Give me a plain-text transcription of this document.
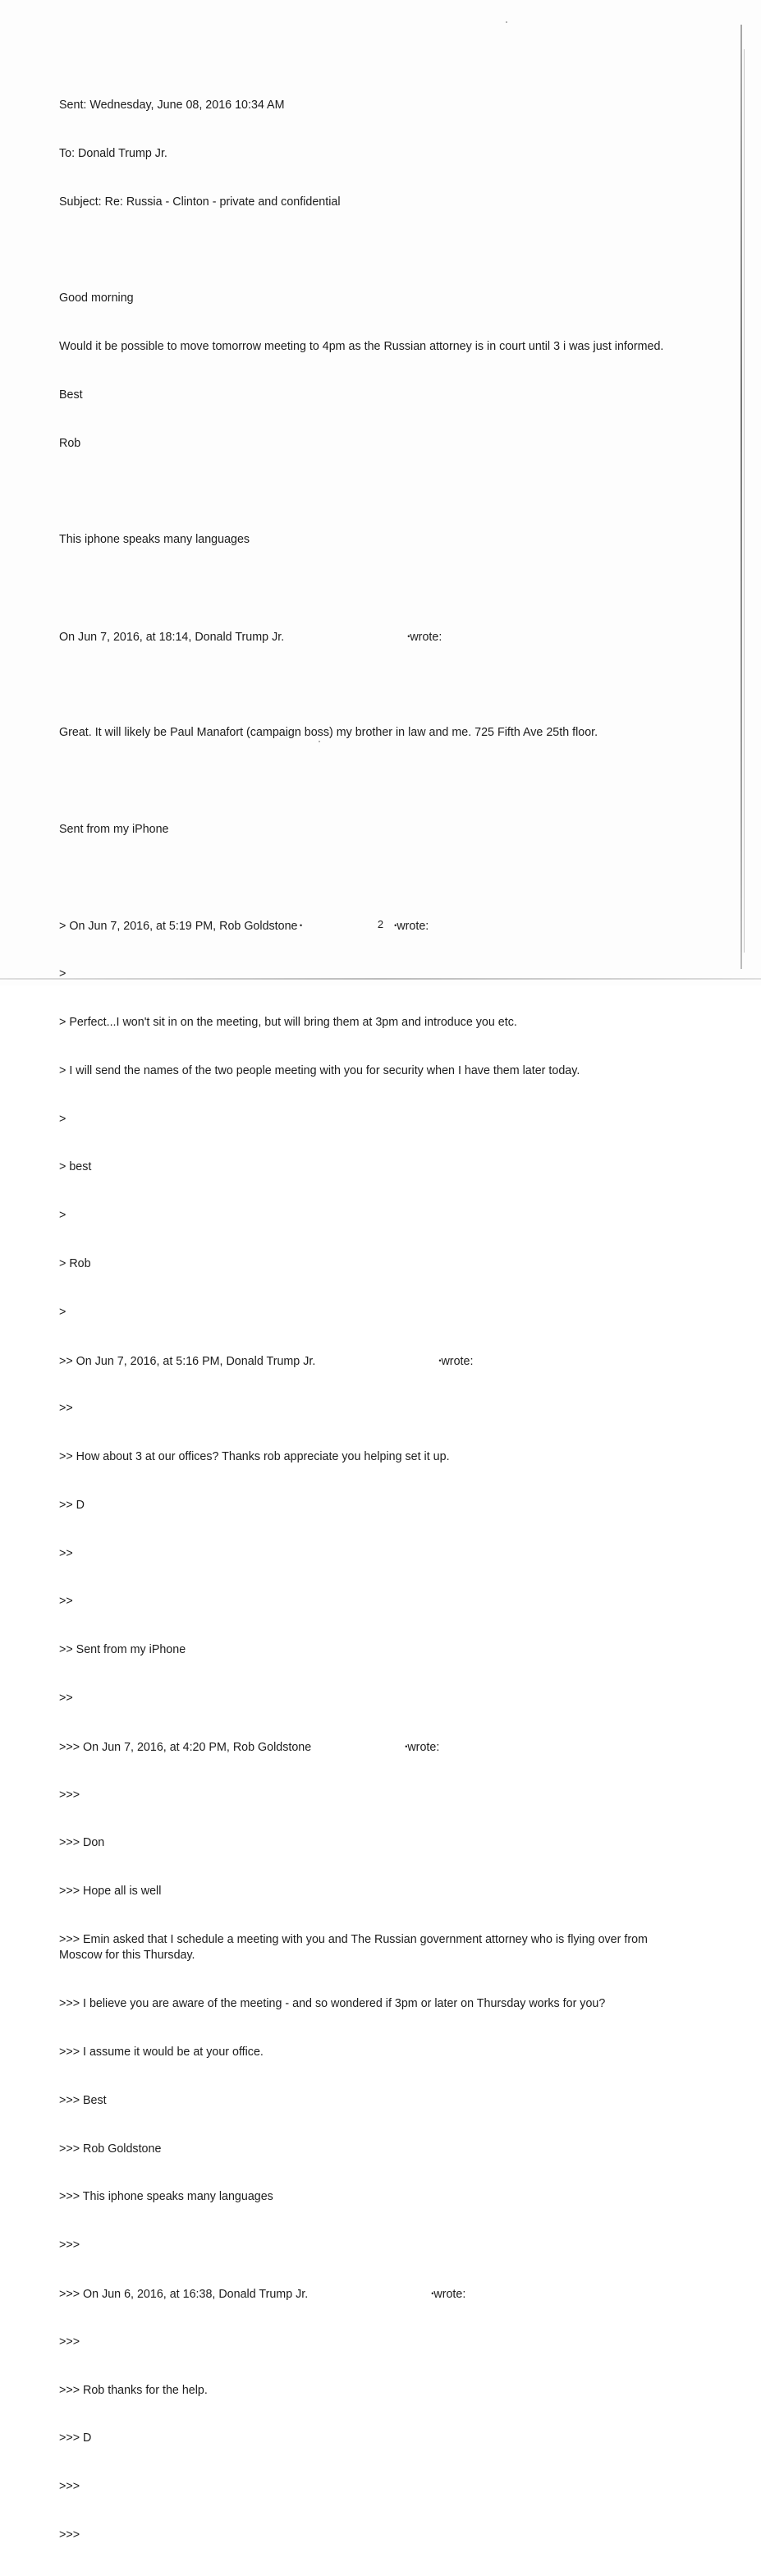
Sent: Wednesday, June 08, 2016 10:34 AM

To: Donald Trump Jr.

Subject: Re: Russia - Clinton - private and confidential

Good morning

Would it be possible to move tomorrow meeting to 4pm as the Russian attorney is in court until 3 i was just informed.

Best

Rob

This iphone speaks many languages

On Jun 7, 2016, at 18:14, Donald Trump Jr.	•wrote:

Great. It will likely be Paul Manafort (campaign boss) my brother in law and me. 725 Fifth Ave 25th floor.

Sent from my iPhone

> On Jun 7, 2016, at 5:19 PM, Rob Goldstone •	•wrote:

>

> Perfect...I won't sit in on the meeting, but will bring them at 3pm and introduce you etc.

> I will send the names of the two people meeting with you for security when I have them later today.

>

> best

>

> Rob

>

>> On Jun 7, 2016, at 5:16 PM, Donald Trump Jr.	•wrote:

>>

>> How about 3 at our offices? Thanks rob appreciate you helping set it up.

>> D

>>

>>

>> Sent from my iPhone

>>

>>> On Jun 7, 2016, at 4:20 PM, Rob Goldstone	•wrote:

>>>

>>> Don

>>> Hope all is well

>>> Emin asked that I schedule a meeting with you and The Russian government attorney who is flying over from Moscow for this Thursday.

>>> I believe you are aware of the meeting - and so wondered if 3pm or later on Thursday works for you?

>>> I assume it would be at your office.

>>> Best

>>> Rob Goldstone

>>> This iphone speaks many languages

>>>

>>> On Jun 6, 2016, at 16:38, Donald Trump Jr.	•wrote:

>>>

>>> Rob thanks for the help.

>>> D

>>>

>>>

2
